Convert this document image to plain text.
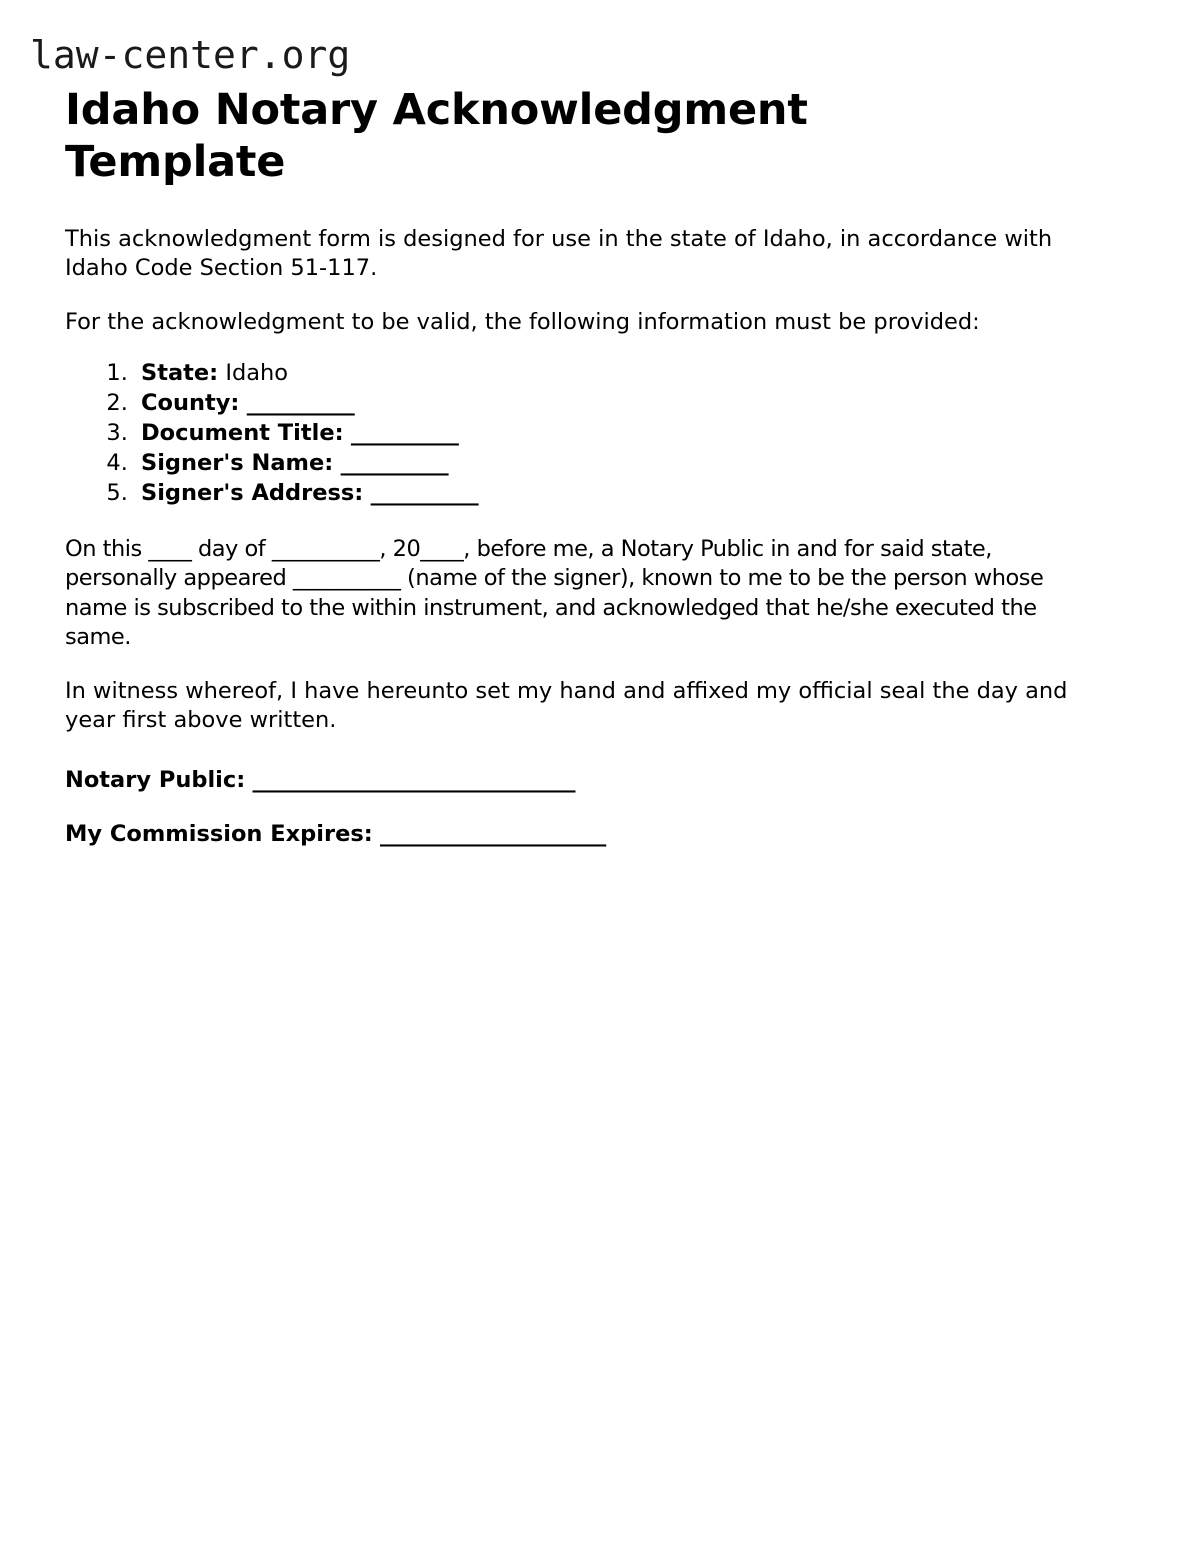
law-center.org
Idaho Notary Acknowledgment Template

This acknowledgment form is designed for use in the state of Idaho, in accordance with Idaho Code Section 51-117.

For the acknowledgment to be valid, the following information must be provided:

1. State: Idaho
2. County: __________
3. Document Title: __________
4. Signer's Name: __________
5. Signer's Address: __________

On this ____ day of __________, 20____, before me, a Notary Public in and for said state, personally appeared __________ (name of the signer), known to me to be the person whose name is subscribed to the within instrument, and acknowledged that he/she executed the same.

In witness whereof, I have hereunto set my hand and affixed my official seal the day and year first above written.

Notary Public: ______________________________

My Commission Expires: _____________________
